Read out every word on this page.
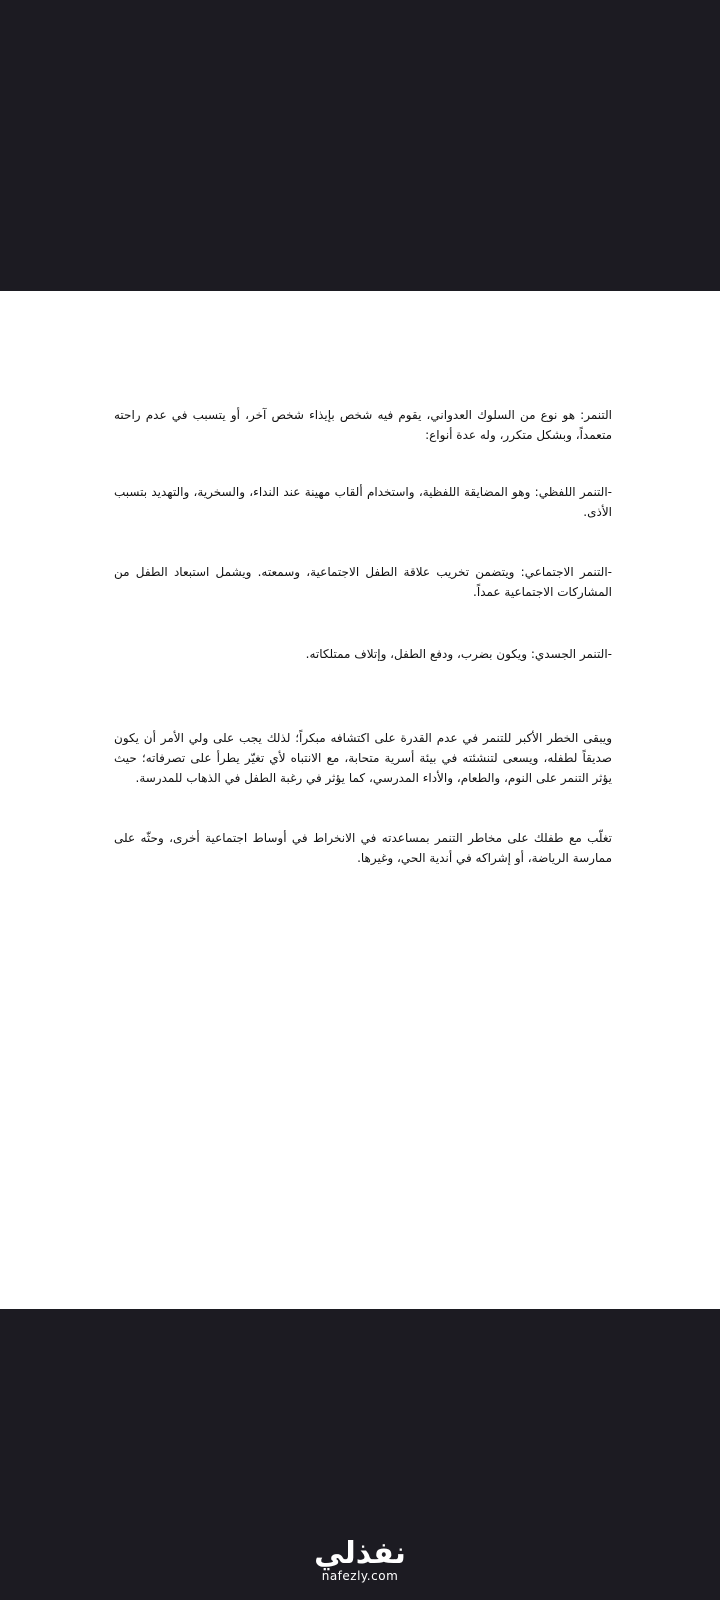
التنمر: هو نوع من السلوك العدواني، يقوم فيه شخص بإيذاء شخص آخر، أو يتسبب في عدم راحته متعمداً، وبشكل متكرر، وله عدة أنواع:

-التنمر اللفظي: وهو المضايقة اللفظية، واستخدام ألقاب مهينة عند النداء، والسخرية، والتهديد بتسبب الأذى.

-التنمر الاجتماعي: ويتضمن تخريب علاقة الطفل الاجتماعية، وسمعته. ويشمل استبعاد الطفل من المشاركات الاجتماعية عمداً.

-التنمر الجسدي: ويكون بضرب، ودفع الطفل، وإتلاف ممتلكاته.

ويبقى الخطر الأكبر للتنمر في عدم القدرة على اكتشافه مبكراً؛ لذلك يجب على ولي الأمر أن يكون صديقاً لطفله، ويسعى لتنشئته في بيئة أسرية متحابة، مع الانتباه لأي تغيّر يطرأ على تصرفاته؛ حيث يؤثر التنمر على النوم، والطعام، والأداء المدرسي، كما يؤثر في رغبة الطفل في الذهاب للمدرسة.

تغلّب مع طفلك على مخاطر التنمر بمساعدته في الانخراط في أوساط اجتماعية أخرى، وحثّه على ممارسة الرياضة، أو إشراكه في أندية الحي، وغيرها.

نفذلي
nafezly.com
